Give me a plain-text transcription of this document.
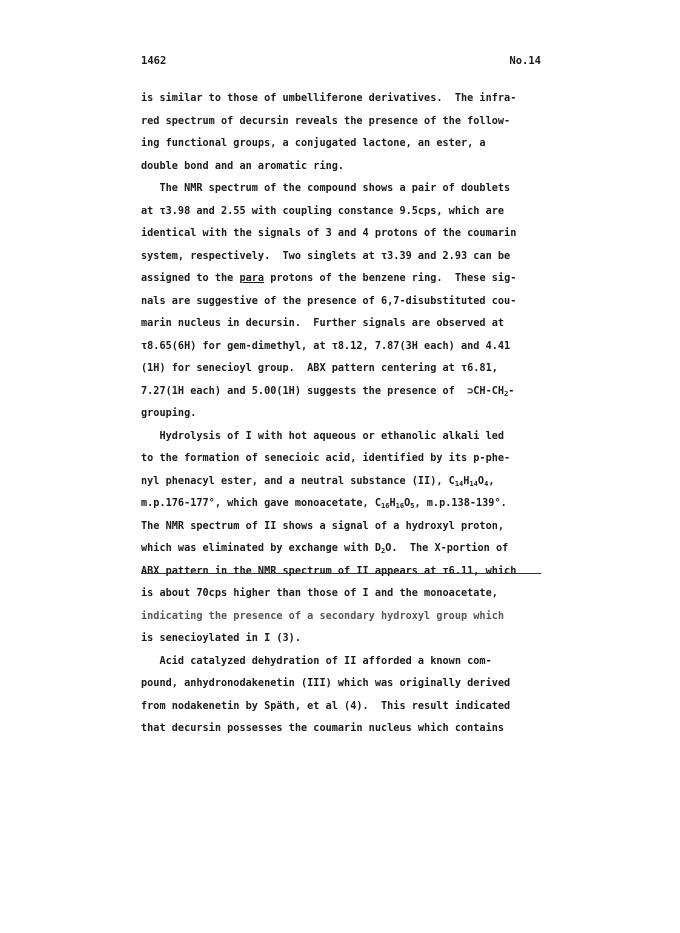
1462	No.14
is similar to those of umbelliferone derivatives.  The infra-
red spectrum of decursin reveals the presence of the follow-
ing functional groups, a conjugated lactone, an ester, a
double bond and an aromatic ring.
The NMR spectrum of the compound shows a pair of doublets
at τ3.98 and 2.55 with coupling constance 9.5cps, which are
identical with the signals of 3 and 4 protons of the coumarin
system, respectively.  Two singlets at τ3.39 and 2.93 can be
assigned to the para protons of the benzene ring.  These sig-
nals are suggestive of the presence of 6,7-disubstituted cou-
marin nucleus in decursin.  Further signals are observed at
τ8.65(6H) for gem-dimethyl, at τ8.12, 7.87(3H each) and 4.41
(1H) for senecioyl group.  ABX pattern centering at τ6.81,
7.27(1H each) and 5.00(1H) suggests the presence of  $⊃CH-CH_2-$
grouping.
Hydrolysis of I with hot aqueous or ethanolic alkali led
to the formation of senecioic acid, identified by its p-phe-
nyl phenacyl ester, and a neutral substance (II), $C_{14}H_{14}O_4$,
m.p.176-177°, which gave monoacetate, $C_{16}H_{16}O_5$, m.p.138-139°.
The NMR spectrum of II shows a signal of a hydroxyl proton,
which was eliminated by exchange with $D_2O$.  The X-portion of
ABX pattern in the NMR spectrum of II appears at τ6.11, which
is about 70cps higher than those of I and the monoacetate,
indicating the presence of a secondary hydroxyl group which
is senecioylated in I (3).
Acid catalyzed dehydration of II afforded a known com-
pound, anhydronodakenetin (III) which was originally derived
from nodakenetin by Späth, et al (4).  This result indicated
that decursin possesses the coumarin nucleus which contains
